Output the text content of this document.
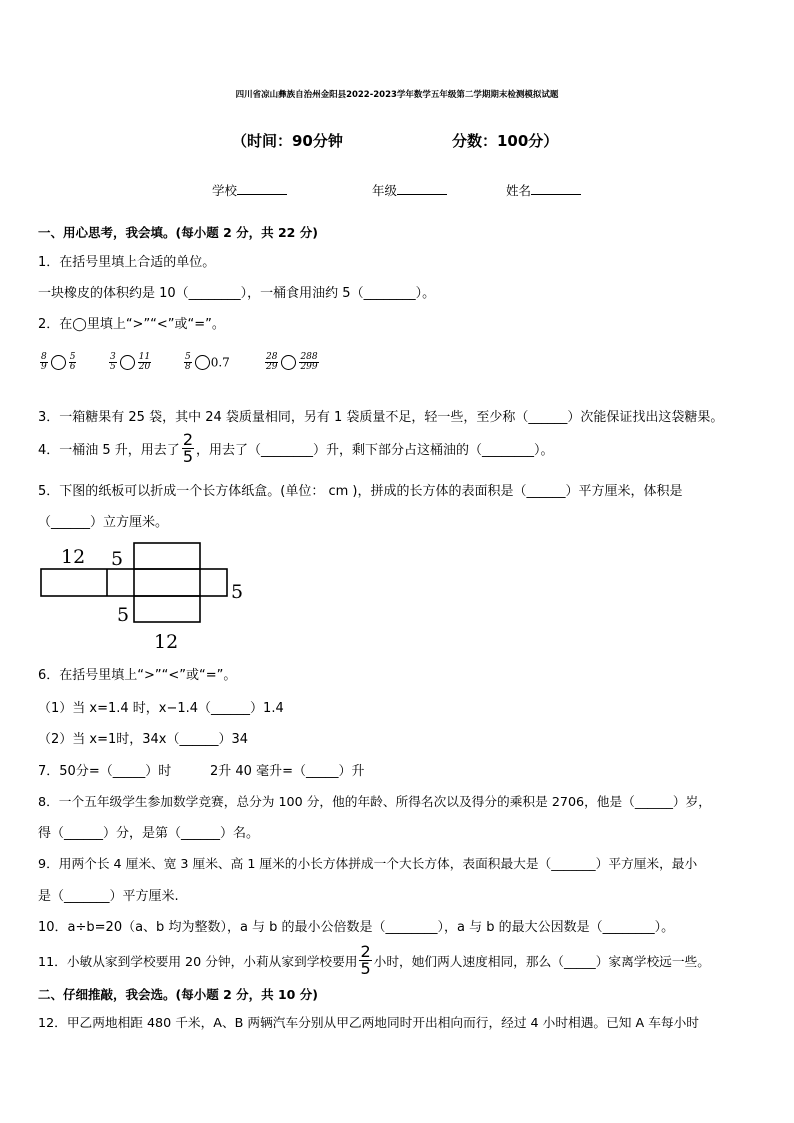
四川省凉山彝族自治州金阳县2022-2023学年数学五年级第二学期期末检测模拟试题
（时间：90分钟	分数：100分）
学校	年级	姓名
一、用心思考，我会填。(每小题 2 分，共 22 分)
1．在括号里填上合适的单位。
一块橡皮的体积约是 10（________），一桶食用油约 5（________）。
2．在◯里填上“>”“<”或“=”。
$\frac{8}{9} \frac{5}{6}$	$\frac{3}{5} \frac{11}{20}$	$\frac{5}{8} 0.7$	$\frac{28}{29} \frac{288}{299}$
3．一箱糖果有 25 袋，其中 24 袋质量相同，另有 1 袋质量不足，轻一些，至少称（______）次能保证找出这袋糖果。
4．一桶油 5 升，用去了 $\frac{2}{5}$ ，用去了（________）升，剩下部分占这桶油的（________）。
5．下图的纸板可以折成一个长方体纸盒。(单位： cm )，拼成的长方体的表面积是（______）平方厘米，体积是
（______）立方厘米。
12 5
5
5
12
6．在括号里填上“>”“<”或“=”。
（1）当 x=1.4 时，x−1.4（______）1.4
（2）当 x=1时，34x（______）34
7．50分=（_____）时	2升 40 毫升=（_____）升
8．一个五年级学生参加数学竞赛，总分为 100 分，他的年龄、所得名次以及得分的乘积是 2706，他是（______）岁，
得（______）分，是第（______）名。
9．用两个长 4 厘米、宽 3 厘米、高 1 厘米的小长方体拼成一个大长方体，表面积最大是（_______）平方厘米，最小
是（_______）平方厘米.
10．a÷b=20（a、b 均为整数），a 与 b 的最小公倍数是（________），a 与 b 的最大公因数是（________）。
11．小敏从家到学校要用 20 分钟，小莉从家到学校要用 $\frac{2}{5}$ 小时，她们两人速度相同，那么（_____）家离学校远一些。
二、仔细推敲，我会选。(每小题 2 分，共 10 分)
12．甲乙两地相距 480 千米，A、B 两辆汽车分别从甲乙两地同时开出相向而行，经过 4 小时相遇。已知 A 车每小时
